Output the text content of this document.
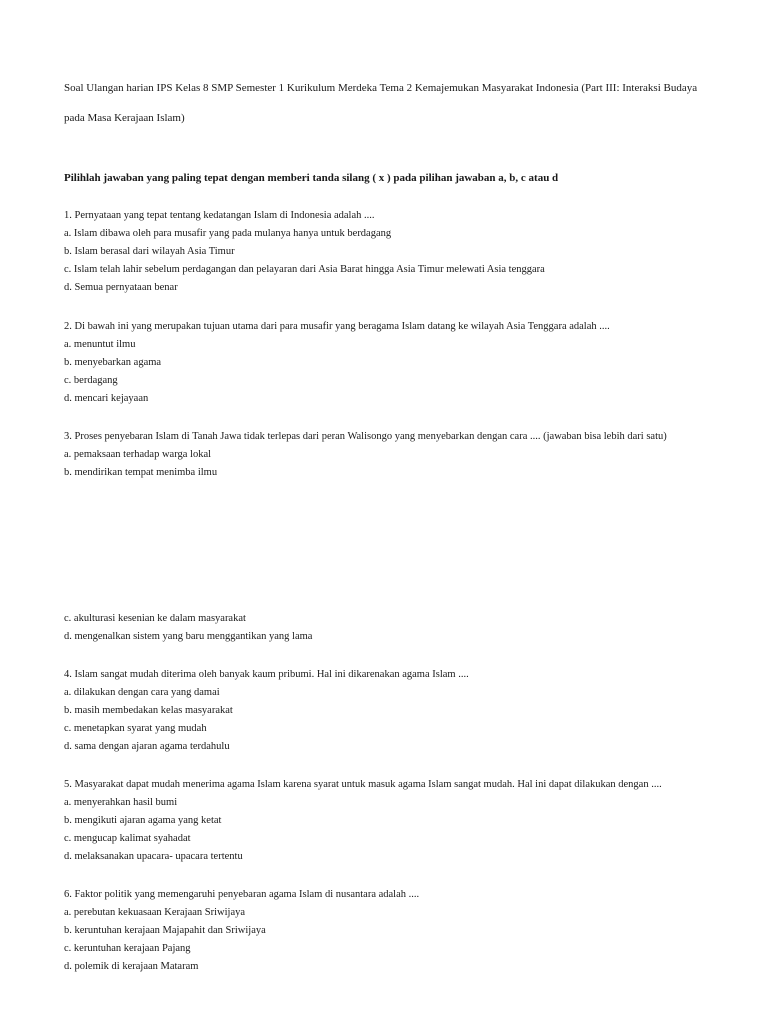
Soal Ulangan harian IPS Kelas 8 SMP Semester 1 Kurikulum Merdeka Tema 2 Kemajemukan Masyarakat Indonesia (Part III: Interaksi Budaya
pada Masa Kerajaan Islam)
Pilihlah jawaban yang paling tepat dengan memberi tanda silang ( x ) pada pilihan jawaban a, b, c atau d
1. Pernyataan yang tepat tentang kedatangan Islam di Indonesia adalah ....
a. Islam dibawa oleh para musafir yang pada mulanya hanya untuk berdagang
b. Islam berasal dari wilayah Asia Timur
c. Islam telah lahir sebelum perdagangan dan pelayaran dari Asia Barat hingga Asia Timur melewati Asia tenggara
d. Semua pernyataan benar
2. Di bawah ini yang merupakan tujuan utama dari para musafir yang beragama Islam datang ke wilayah Asia Tenggara adalah ....
a. menuntut ilmu
b. menyebarkan agama
c. berdagang
d. mencari kejayaan
3. Proses penyebaran Islam di Tanah Jawa tidak terlepas dari peran Walisongo yang menyebarkan dengan cara .... (jawaban bisa lebih dari satu)
a. pemaksaan terhadap warga lokal
b. mendirikan tempat menimba ilmu
c. akulturasi kesenian ke dalam masyarakat
d. mengenalkan sistem yang baru menggantikan yang lama
4. Islam sangat mudah diterima oleh banyak kaum pribumi. Hal ini dikarenakan agama Islam ....
a. dilakukan dengan cara yang damai
b. masih membedakan kelas masyarakat
c. menetapkan syarat yang mudah
d. sama dengan ajaran agama terdahulu
5. Masyarakat dapat mudah menerima agama Islam karena syarat untuk masuk agama Islam sangat mudah. Hal ini dapat dilakukan dengan ....
a. menyerahkan hasil bumi
b. mengikuti ajaran agama yang ketat
c. mengucap kalimat syahadat
d. melaksanakan upacara- upacara tertentu
6. Faktor politik yang memengaruhi penyebaran agama Islam di nusantara adalah ....
a. perebutan kekuasaan Kerajaan Sriwijaya
b. keruntuhan kerajaan Majapahit dan Sriwijaya
c. keruntuhan kerajaan Pajang
d. polemik di kerajaan Mataram
